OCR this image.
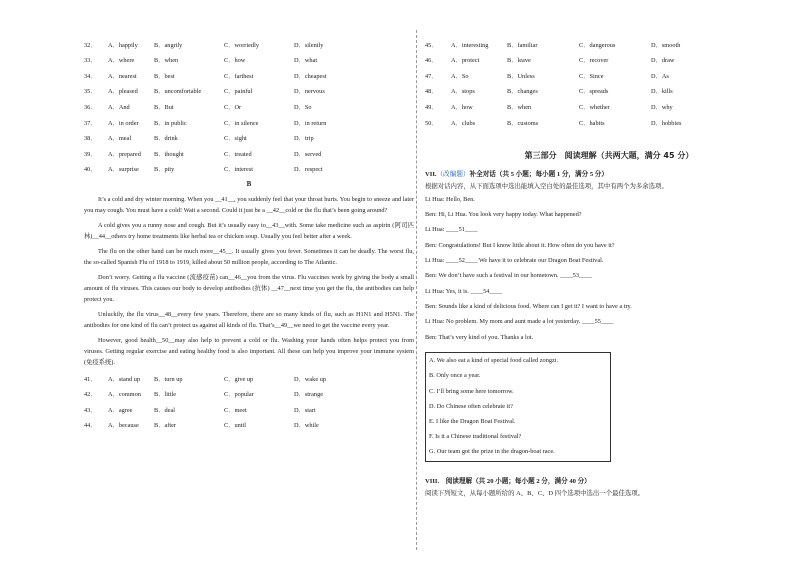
32．	A．happily	B．angrily	C．worriedly	D．silently
33．	A．where	B．when	C．how	D．what
34．	A．nearest	B．best	C．farthest	D．cheapest
35．	A．pleased	B．uncomfortable	C．painful	D．nervous
36．	A．And	B．But	C．Or	D．So
37．	A．in order	B．in public	C．in silence	D．in return
38．	A．meal	B．drink	C．sight	D．trip
39．	A．prepared	B．thought	C．treated	D．served
40．	A．surprise	B．pity	C．interest	D．respect
B

It’s a cold and dry winter morning. When you __41__, you suddenly feel that your throat hurts. You begin to sneeze and later you may cough. You must have a cold! Wait a second. Could it just be a __42__cold or the flu that’s been going around?

A cold gives you a runny nose and cough. But it’s usually easy to__43__with. Some take medicine such as aspirin (阿司匹林)__44__others try home treatments like herbal tea or chicken soup. Usually you feel better after a week.

The flu on the other hand can be much more__45__. It usually gives you fever. Sometimes it can be deadly. The worst flu, the so-called Spanish Flu of 1918 to 1919, killed about 50 million people, according to The Atlantic.

Don’t worry. Getting a flu vaccine (流感疫苗) can__46__you from the virus. Flu vaccines work by giving the body a small amount of flu viruses. This causes our body to develop antibodies (抗体) __47__next time you get the flu, the antibodies can help protect you.

Unluckily, the flu virus__48__every few years. Therefore, there are so many kinds of flu, such as H1N1 and H5N1. The antibodies for one kind of flu can’t protect us against all kinds of flu. That’s__49__we need to get the vaccine every year.

However, good health__50__may also help to prevent a cold or flu. Washing your hands often helps protect you from viruses. Getting regular exercise and eating healthy food is also important. All these can help you improve your immune system (免疫系统).

41．	A．stand up	B．turn up	C．give up	D．wake up
42．	A．common	B．little	C．popular	D．strange
43．	A．agree	B．deal	C．meet	D．start
44．	A．because	B．after	C．until	D．while
45．	A．interesting	B．familiar	C．dangerous	D．smooth
46．	A．protect	B．leave	C．recover	D．draw
47．	A．So	B．Unless	C．Since	D．As
48．	A．stops	B．changes	C．spreads	D．kills
49．	A．how	B．when	C．whether	D．why
50．	A．clubs	B．customs	C．habits	D．hobbies
第三部分　阅读理解（共两大题，满分 45 分）
VII.（改编题）补全对话（共 5 小题；每小题 1 分，满分 5 分）
根据对话内容，从下面选项中选出能填入空白处的最佳选项，其中有两个为多余选项。
Li Hua: Hello, Ben.
Ben: Hi, Li Hua. You look very happy today. What happened?
Li Hua: ____51____
Ben: Congratulations! But I know little about it. How often do you have it?
Li Hua: ____52____ We have it to celebrate our Dragon Boat Festival.
Ben: We don’t have such a festival in our hometown. ____53____
Li Hua: Yes, it is. ____54____
Ben: Sounds like a kind of delicious food. Where can I get it? I want to have a try.
Li Hua: No problem. My mom and aunt made a lot yesterday. ____55____
Ben: That’s very kind of you. Thanks a lot.
A. We also eat a kind of special food called zongzi.
B. Only once a year.
C. I’ll bring some here tomorrow.
D. Do Chinese often celebrate it?
E. I like the Dragon Boat Festival.
F. Is it a Chinese traditional festival?
G. Our team got the prize in the dragon-boat race.
VIII.　阅读理解（共 20 小题；每小题 2 分，满分 40 分）
阅读下列短文，从每小题所给的 A、B、C、D 四个选项中选出一个最佳选项。
